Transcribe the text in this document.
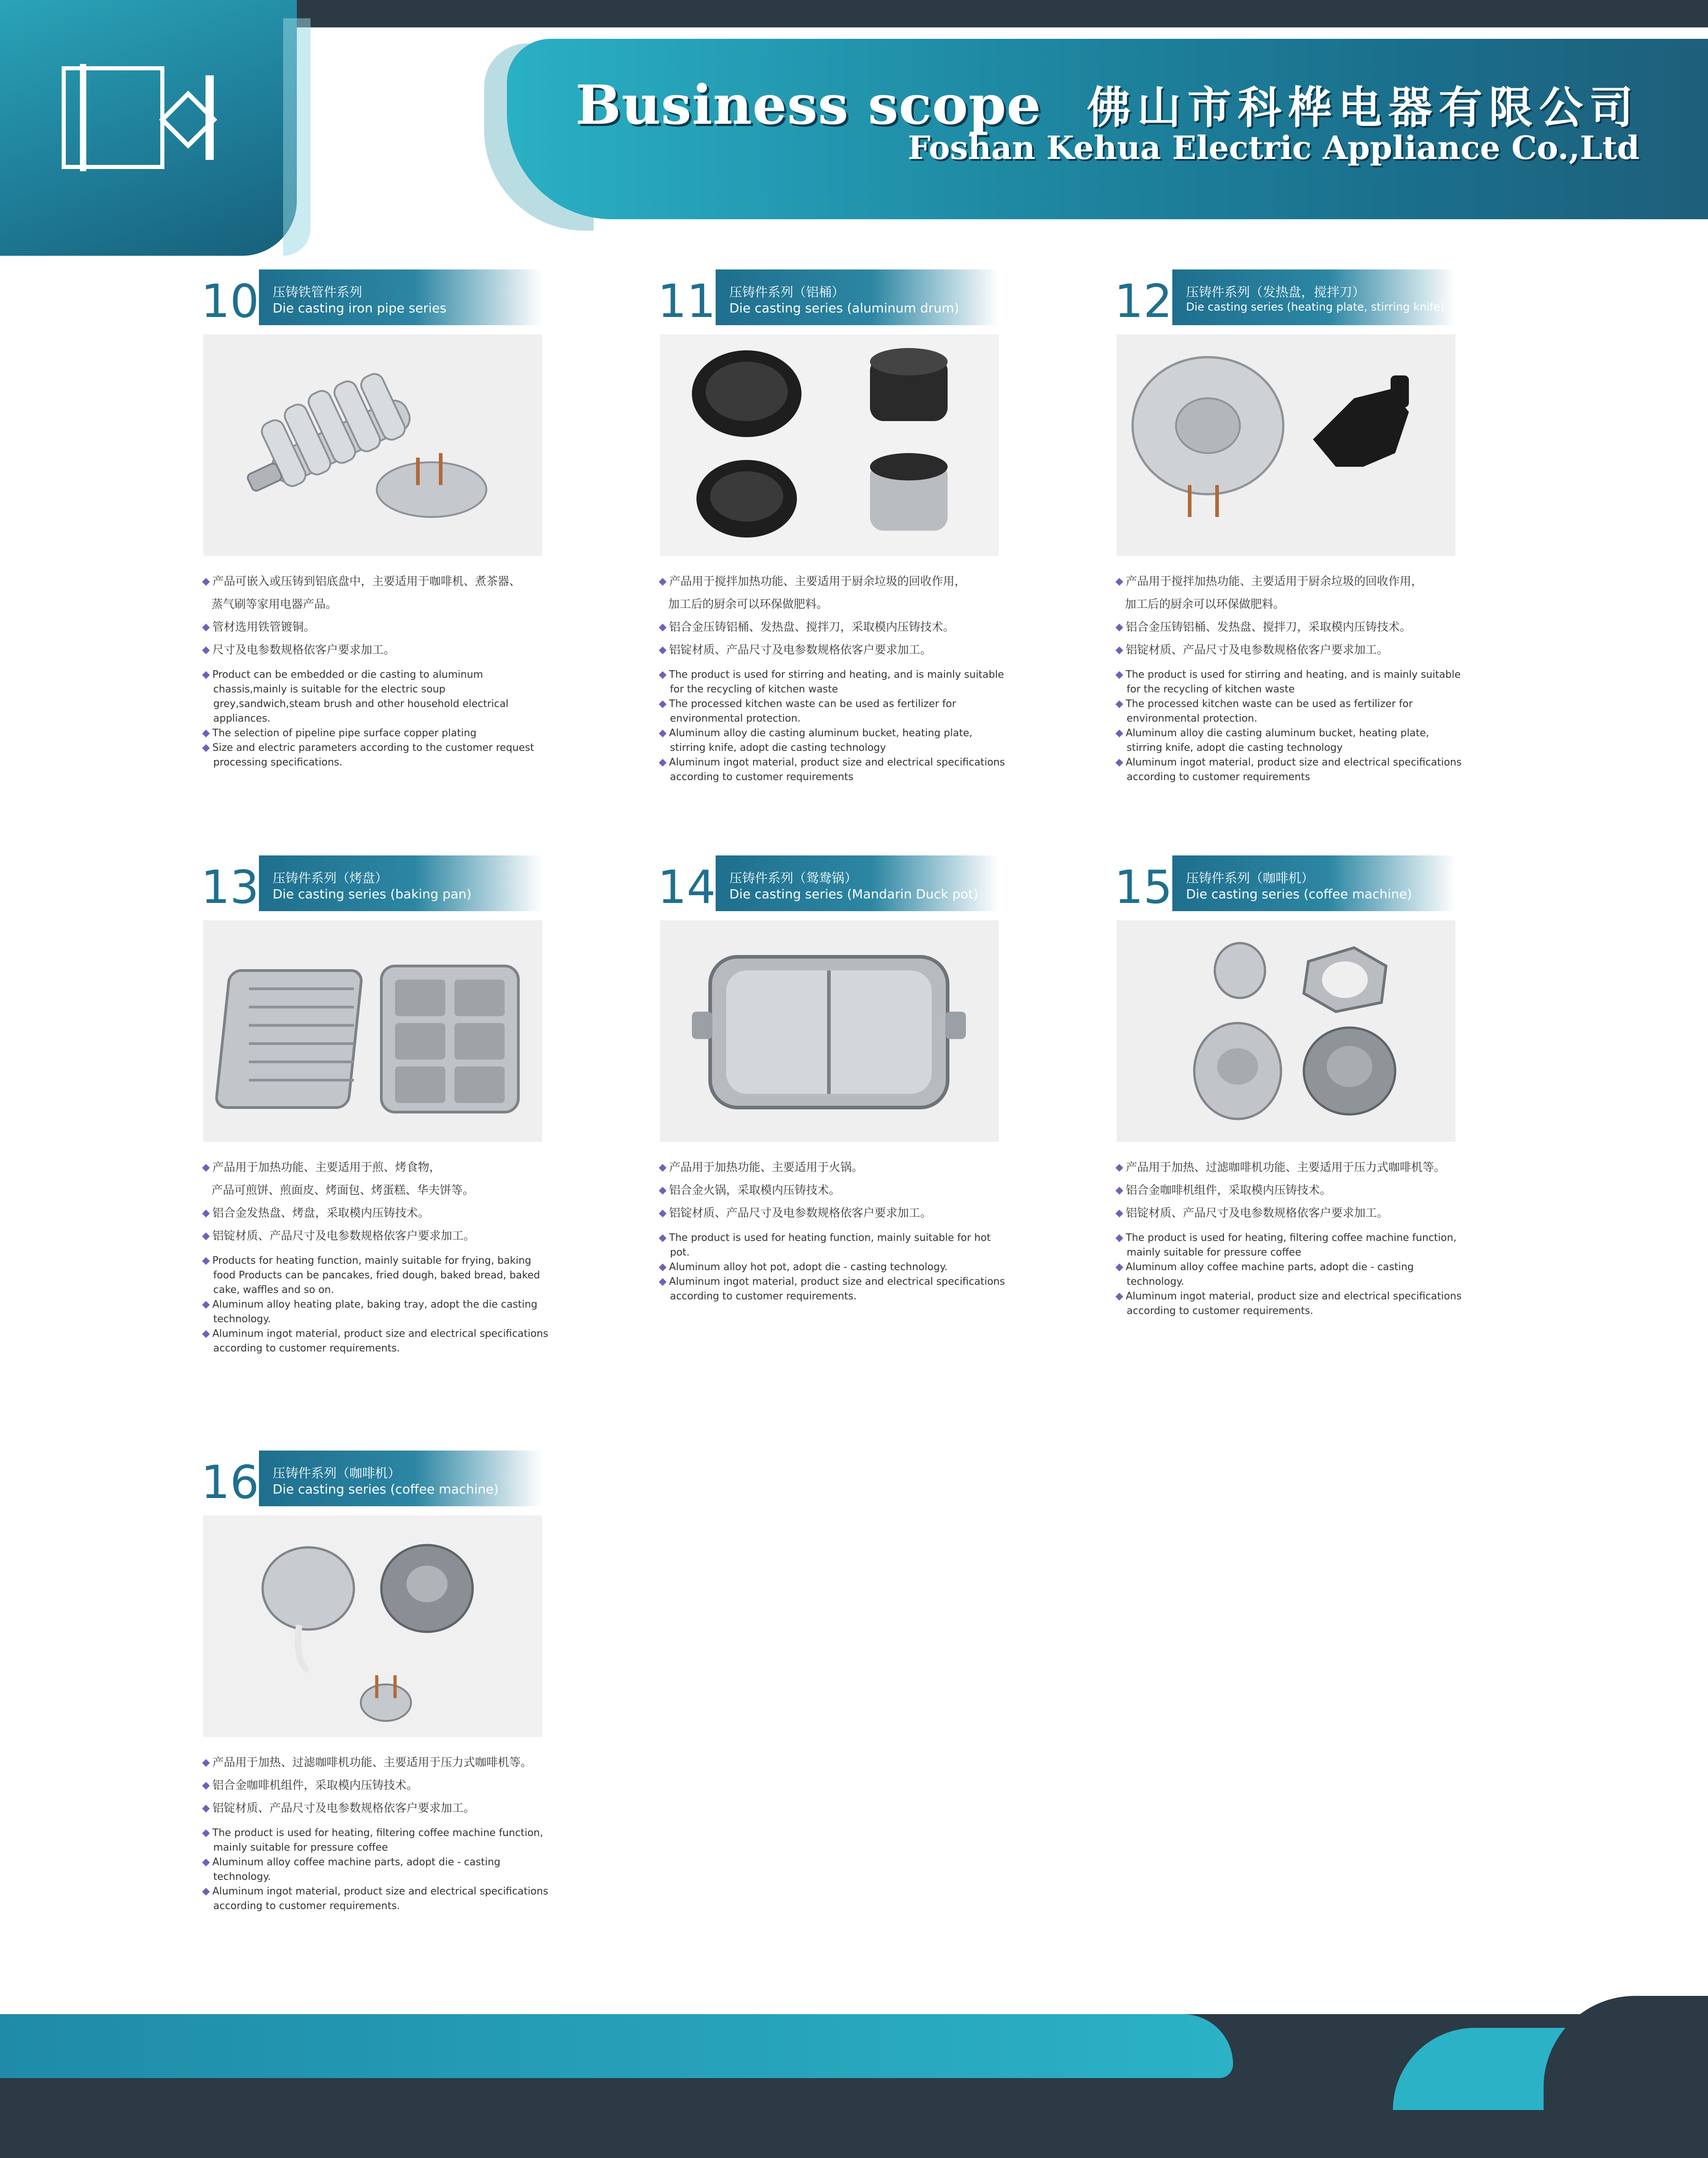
Business scope 佛山市科桦电器有限公司
Foshan Kehua Electric Appliance Co.,Ltd
10 压铸铁管件系列
Die casting iron pipe series
产品可嵌入或压铸到铝底盘中，主要适用于咖啡机、煮茶器、
蒸气刷等家用电器产品。
管材选用铁管镀铜。
尺寸及电参数规格依客户要求加工。
Product can be embedded or die casting to aluminum chassis,mainly is suitable for the electric soup grey,sandwich,steam brush and other household electrical appliances.
The selection of pipeline pipe surface copper plating
Size and electric parameters according to the customer request processing specifications.
11 压铸件系列（铝桶）
Die casting series (aluminum drum)
产品用于搅拌加热功能、主要适用于厨余垃圾的回收作用，
加工后的厨余可以环保做肥料。
铝合金压铸铝桶、发热盘、搅拌刀，采取模内压铸技术。
铝锭材质、产品尺寸及电参数规格依客户要求加工。
The product is used for stirring and heating, and is mainly suitable for the recycling of kitchen waste
The processed kitchen waste can be used as fertilizer for environmental protection.
Aluminum alloy die casting aluminum bucket, heating plate, stirring knife, adopt die casting technology
Aluminum ingot material, product size and electrical specifications according to customer requirements
12 压铸件系列（发热盘，搅拌刀）
Die casting series (heating plate, stirring knife)
产品用于搅拌加热功能、主要适用于厨余垃圾的回收作用，
加工后的厨余可以环保做肥料。
铝合金压铸铝桶、发热盘、搅拌刀，采取模内压铸技术。
铝锭材质、产品尺寸及电参数规格依客户要求加工。
The product is used for stirring and heating, and is mainly suitable for the recycling of kitchen waste
The processed kitchen waste can be used as fertilizer for environmental protection.
Aluminum alloy die casting aluminum bucket, heating plate, stirring knife, adopt die casting technology
Aluminum ingot material, product size and electrical specifications according to customer requirements
13 压铸件系列（烤盘）
Die casting series (baking pan)
产品用于加热功能、主要适用于煎、烤食物，
产品可煎饼、煎面皮、烤面包、烤蛋糕、华夫饼等。
铝合金发热盘、烤盘，采取模内压铸技术。
铝锭材质、产品尺寸及电参数规格依客户要求加工。
Products for heating function, mainly suitable for frying, baking food Products can be pancakes, fried dough, baked bread, baked cake, waffles and so on.
Aluminum alloy heating plate, baking tray, adopt the die casting technology.
Aluminum ingot material, product size and electrical specifications according to customer requirements.
14 压铸件系列（鸳鸯锅）
Die casting series (Mandarin Duck pot)
产品用于加热功能、主要适用于火锅。
铝合金火锅，采取模内压铸技术。
铝锭材质、产品尺寸及电参数规格依客户要求加工。
The product is used for heating function, mainly suitable for hot pot.
Aluminum alloy hot pot, adopt die - casting technology.
Aluminum ingot material, product size and electrical specifications according to customer requirements.
15 压铸件系列（咖啡机）
Die casting series (coffee machine)
产品用于加热、过滤咖啡机功能、主要适用于压力式咖啡机等。
铝合金咖啡机组件，采取模内压铸技术。
铝锭材质、产品尺寸及电参数规格依客户要求加工。
The product is used for heating, filtering coffee machine function, mainly suitable for pressure coffee
Aluminum alloy coffee machine parts, adopt die - casting technology.
Aluminum ingot material, product size and electrical specifications according to customer requirements.
16 压铸件系列（咖啡机）
Die casting series (coffee machine)
产品用于加热、过滤咖啡机功能、主要适用于压力式咖啡机等。
铝合金咖啡机组件，采取模内压铸技术。
铝锭材质、产品尺寸及电参数规格依客户要求加工。
The product is used for heating, filtering coffee machine function, mainly suitable for pressure coffee
Aluminum alloy coffee machine parts, adopt die - casting technology.
Aluminum ingot material, product size and electrical specifications according to customer requirements.
